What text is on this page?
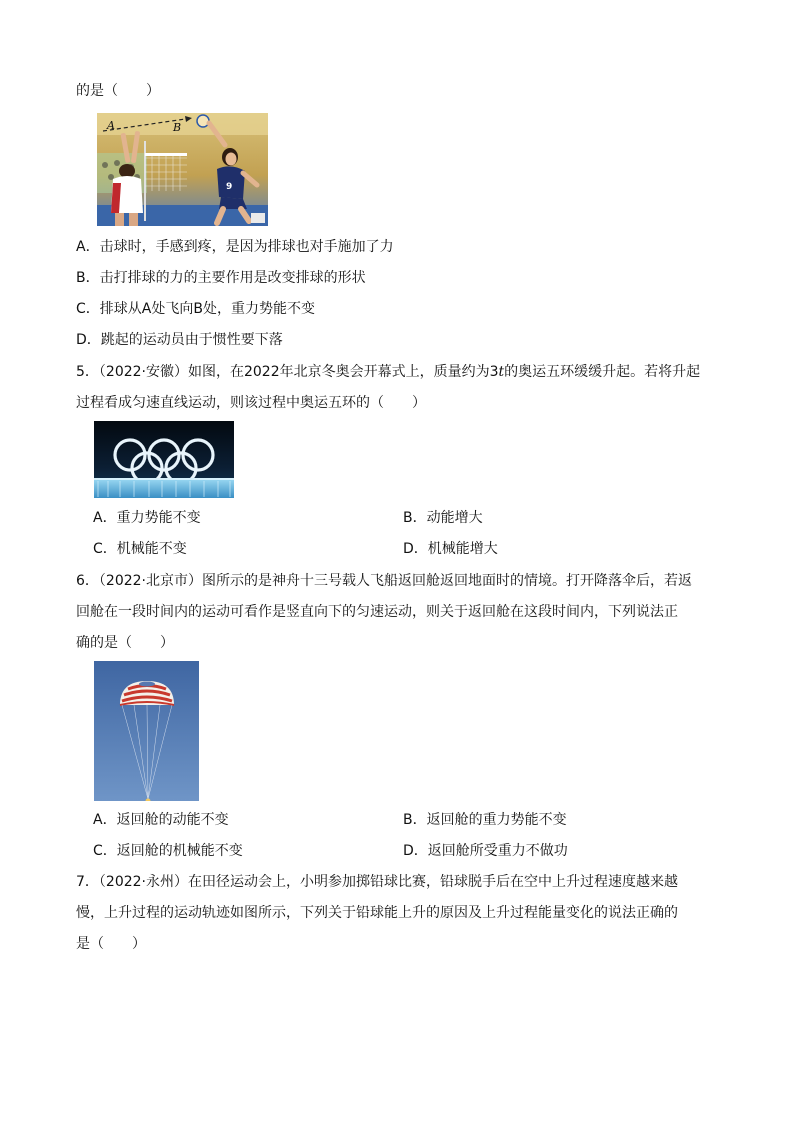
的是（　　）
A	B
9
A．击球时，手感到疼，是因为排球也对手施加了力
B．击打排球的力的主要作用是改变排球的形状
C．排球从A处飞向B处，重力势能不变
D．跳起的运动员由于惯性要下落
5．（2022·安徽）如图，在2022年北京冬奥会开幕式上，质量约为3t的奥运五环缓缓升起。若将升起
过程看成匀速直线运动，则该过程中奥运五环的（　　）
A．重力势能不变	B．动能增大
C．机械能不变	D．机械能增大
6．（2022·北京市）图所示的是神舟十三号载人飞船返回舱返回地面时的情境。打开降落伞后，若返
回舱在一段时间内的运动可看作是竖直向下的匀速运动，则关于返回舱在这段时间内，下列说法正
确的是（　　）
A．返回舱的动能不变	B．返回舱的重力势能不变
C．返回舱的机械能不变	D．返回舱所受重力不做功
7．（2022·永州）在田径运动会上，小明参加掷铅球比赛，铅球脱手后在空中上升过程速度越来越
慢，上升过程的运动轨迹如图所示，下列关于铅球能上升的原因及上升过程能量变化的说法正确的
是（　　）
